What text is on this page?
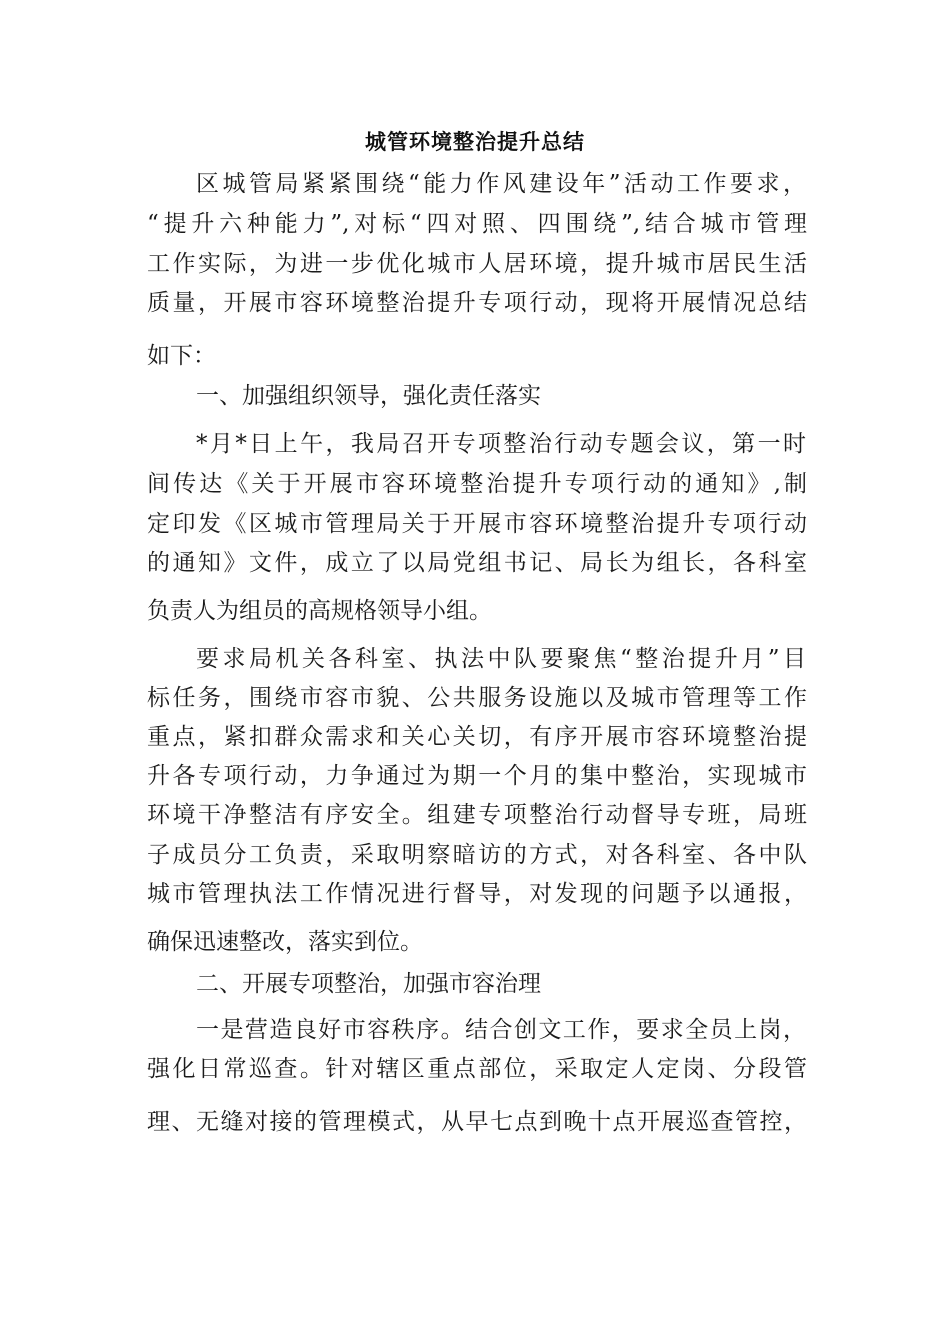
城管环境整治提升总结
区城管局紧紧围绕“能力作风建设年”活动工作要求，
“提升六种能力”,对标“四对照、四围绕”,结合城市管理
工作实际，为进一步优化城市人居环境，提升城市居民生活
质量，开展市容环境整治提升专项行动，现将开展情况总结
如下：
一、加强组织领导，强化责任落实
*月*日上午，我局召开专项整治行动专题会议，第一时
间传达《关于开展市容环境整治提升专项行动的通知》,制
定印发《区城市管理局关于开展市容环境整治提升专项行动
的通知》文件，成立了以局党组书记、局长为组长，各科室
负责人为组员的高规格领导小组。
要求局机关各科室、执法中队要聚焦“整治提升月”目
标任务，围绕市容市貌、公共服务设施以及城市管理等工作
重点，紧扣群众需求和关心关切，有序开展市容环境整治提
升各专项行动，力争通过为期一个月的集中整治，实现城市
环境干净整洁有序安全。组建专项整治行动督导专班，局班
子成员分工负责，采取明察暗访的方式，对各科室、各中队
城市管理执法工作情况进行督导，对发现的问题予以通报，
确保迅速整改，落实到位。
二、开展专项整治，加强市容治理
一是营造良好市容秩序。结合创文工作，要求全员上岗，
强化日常巡查。针对辖区重点部位，采取定人定岗、分段管
理、无缝对接的管理模式，从早七点到晚十点开展巡查管控，
